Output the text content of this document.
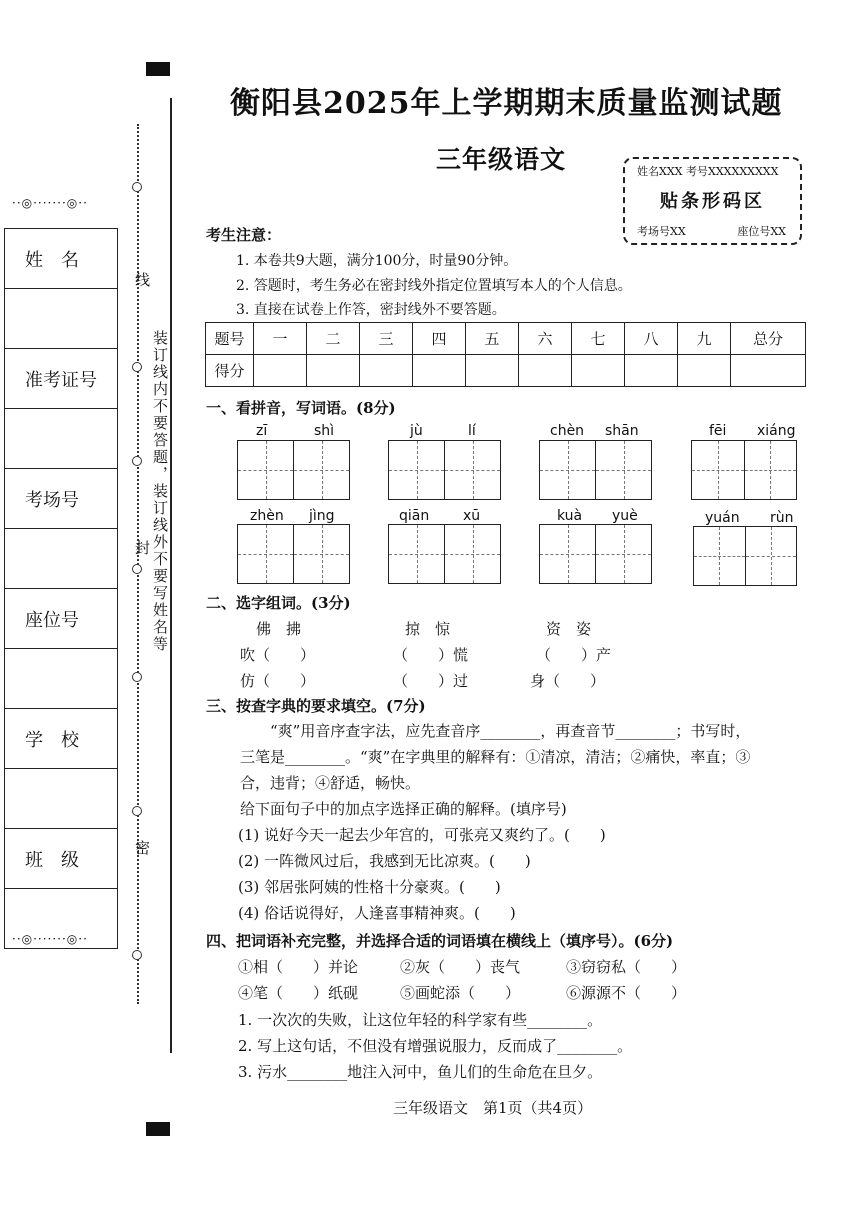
··◎·······◎··
姓　名

准考证号

考场号

座位号

学　校

班　级

··◎·······◎··
线
封
密
装订线内不要答题，装订线外不要写姓名等
衡阳县2025年上学期期末质量监测试题
三年级语文	姓名XXX 考号XXXXXXXXX
贴条形码区
考场号XX	座位号XX
考生注意：
1. 本卷共9大题，满分100分，时量90分钟。
2. 答题时，考生务必在密封线外指定位置填写本人的个人信息。
3. 直接在试卷上作答，密封线外不要答题。
题号	一	二	三	四	五	六	七	八	九	总分
得分										
一、看拼音，写词语。(8分)
zī	shì	jù	lí	chèn shān	fēi xiáng
zhèn jìng	qiān xū	kuà yuè	yuán rùn
二、选字组词。(3分)
佛　拂	掠　惊	资　姿
吹（　　）	（　　）慌	（　　）产
仿（　　）	（　　）过	身（　　）
三、按查字典的要求填空。(7分)
“爽”用音序查字法，应先查音序________，再查音节________；书写时，
三笔是________。“爽”在字典里的解释有：①清凉，清洁；②痛快，率直；③
合，违背；④舒适，畅快。
给下面句子中的加点字选择正确的解释。(填序号)
(1) 说好今天一起去少年宫的，可张亮又爽约了。(　　)
(2) 一阵微风过后，我感到无比凉爽。(　　)
(3) 邻居张阿姨的性格十分豪爽。(　　)
(4) 俗话说得好，人逢喜事精神爽。(　　)
四、把词语补充完整，并选择合适的词语填在横线上（填序号）。(6分)
①相（　　）并论	②灰（　　）丧气	③窃窃私（　　）
④笔（　　）纸砚	⑤画蛇添（　　）	⑥源源不（　　）
1. 一次次的失败，让这位年轻的科学家有些________。
2. 写上这句话，不但没有增强说服力，反而成了________。
3. 污水________地注入河中，鱼儿们的生命危在旦夕。
三年级语文　第1页（共4页）
